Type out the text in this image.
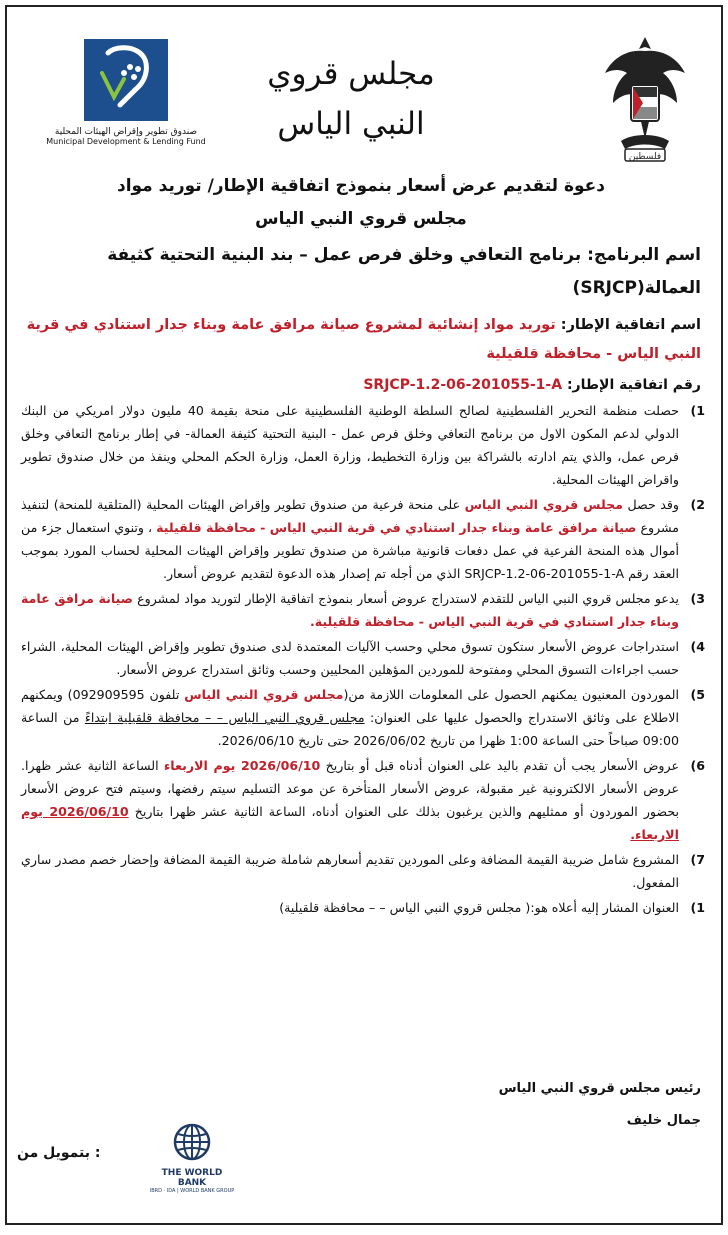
فلسطين
مجلس قروي
النبي الياس
صندوق تطوير وإقراض الهيئات المحلية
Municipal Development & Lending Fund
دعوة لتقديم عرض أسعار بنموذج اتفاقية الإطار/ توريد مواد
مجلس قروي النبي الياس
اسم البرنامج: برنامج التعافي وخلق فرص عمل – بند البنية التحتية كثيفة العمالة(SRJCP)
اسم اتفاقية الإطار: توريد مواد إنشائية لمشروع صيانة مرافق عامة وبناء جدار استنادي في قرية النبي الياس - محافظة قلقيلية
رقم اتفاقية الإطار: SRJCP-1.2-06-201055-1-A
1)
حصلت منظمة التحرير الفلسطينية لصالح السلطة الوطنية الفلسطينية على منحة بقيمة 40 مليون دولار امريكي من البنك الدولي لدعم المكون الاول من برنامج التعافي وخلق فرص عمل - البنية التحتية كثيفة العمالة- في إطار برنامج التعافي وخلق فرص عمل، والذي يتم ادارته بالشراكة بين وزارة التخطيط، وزارة العمل، وزارة الحكم المحلي وينفذ من خلال صندوق تطوير واقراض الهيئات المحلية.
2)
وقد حصل مجلس قروي النبي الياس على منحة فرعية من صندوق تطوير وإقراض الهيئات المحلية (المتلقية للمنحة) لتنفيذ مشروع صيانة مرافق عامة وبناء جدار استنادي في قرية النبي الياس - محافظة قلقيلية ، وتنوي استعمال جزء من أموال هذه المنحة الفرعية في عمل دفعات قانونية مباشرة من صندوق تطوير وإقراض الهيئات المحلية لحساب المورد بموجب العقد رقم SRJCP-1.2-06-201055-1-A الذي من أجله تم إصدار هذه الدعوة لتقديم عروض أسعار.
3)
يدعو مجلس قروي النبي الياس للتقدم لاستدراج عروض أسعار بنموذج اتفاقية الإطار لتوريد مواد لمشروع صيانة مرافق عامة وبناء جدار استنادي في قرية النبي الياس - محافظة قلقيلية.
4)
استدراجات عروض الأسعار ستكون تسوق محلي وحسب الآليات المعتمدة لدى صندوق تطوير وإقراض الهيئات المحلية، الشراء حسب اجراءات التسوق المحلي ومفتوحة للموردين المؤهلين المحليين وحسب وثائق استدراج عروض الأسعار.
5)
الموردون المعنيون يمكنهم الحصول على المعلومات اللازمة من(مجلس قروي النبي الياس تلفون 092909595) ويمكنهم الاطلاع على وثائق الاستدراج والحصول عليها على العنوان: مجلس قروي النبي الياس – – محافظة قلقيلية ابتداءً من الساعة 09:00 صباحاً حتى الساعة 1:00 ظهرا من تاريخ 2026/06/02 حتى تاريخ 2026/06/10.
6)
عروض الأسعار يجب أن تقدم باليد على العنوان أدناه قبل أو بتاريخ 2026/06/10 يوم الاربعاء الساعة الثانية عشر ظهرا. عروض الأسعار الالكترونية غير مقبولة، عروض الأسعار المتأخرة عن موعد التسليم سيتم رفضها، وسيتم فتح عروض الأسعار بحضور الموردون أو ممثليهم والذين يرغبون بذلك على العنوان أدناه، الساعة الثانية عشر ظهرا بتاريخ 2026/06/10 يوم الاربعاء.
7)
المشروع شامل ضريبة القيمة المضافة وعلى الموردين تقديم أسعارهم شاملة ضريبة القيمة المضافة وإحضار خصم مصدر ساري المفعول.
1)
العنوان المشار إليه أعلاه هو:( مجلس قروي النبي الياس – – محافظة قلقيلية)
رئيس مجلس قروي النبي الياس
جمال خليف
THE WORLD BANK
IBRD · IDA | WORLD BANK GROUP
: بتمويل من
